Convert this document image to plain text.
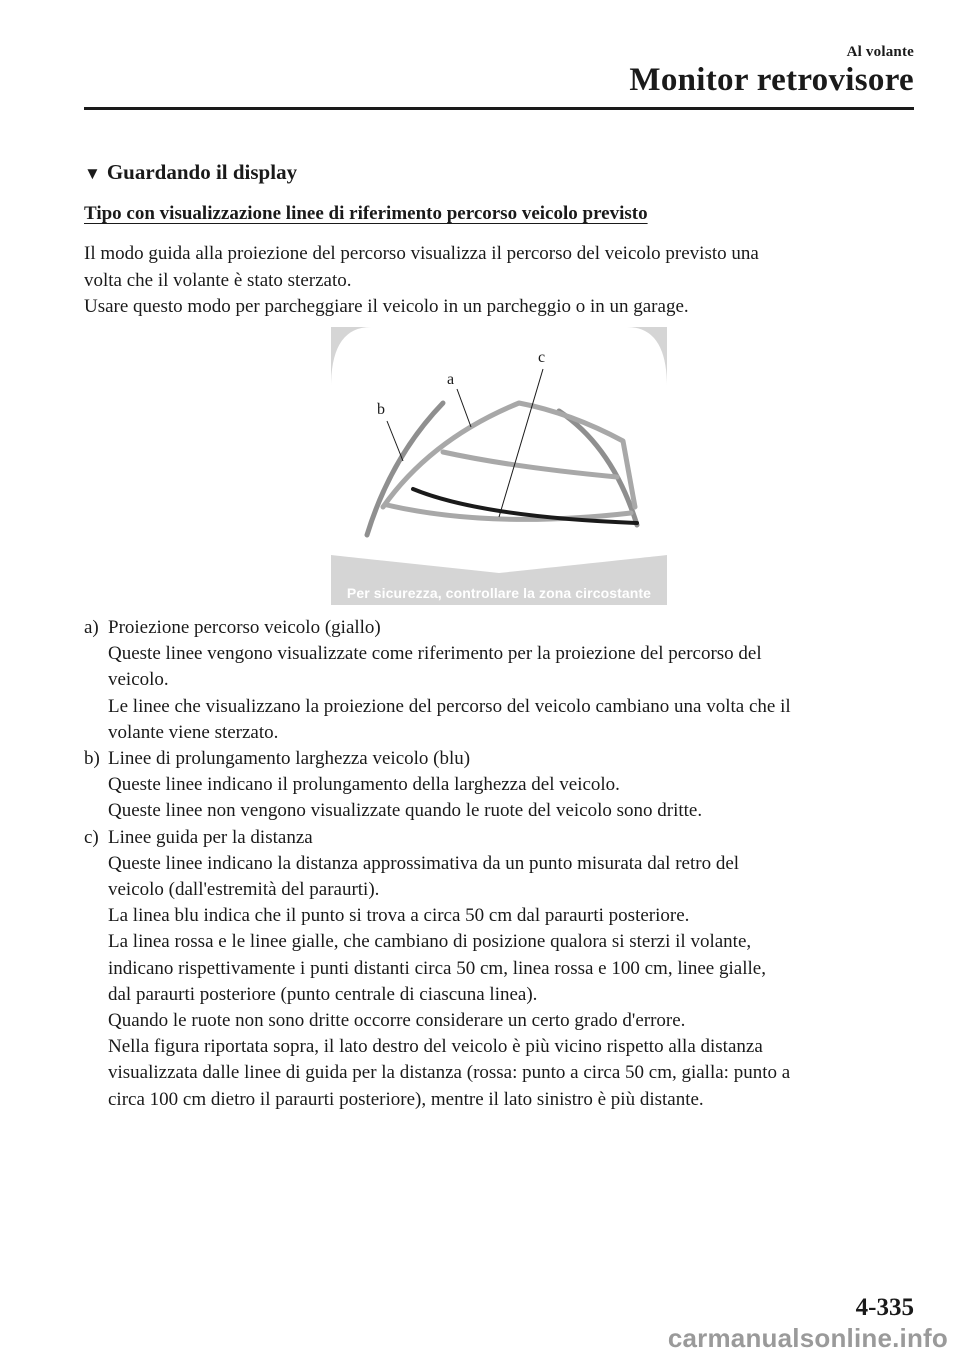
Al volante
Monitor retrovisore
▼ Guardando il display
Tipo con visualizzazione linee di riferimento percorso veicolo previsto
Il modo guida alla proiezione del percorso visualizza il percorso del veicolo previsto una
volta che il volante è stato sterzato.
Usare questo modo per parcheggiare il veicolo in un parcheggio o in un garage.
a
b
c
Per sicurezza, controllare la zona circostante
a) Proiezione percorso veicolo (giallo)
Queste linee vengono visualizzate come riferimento per la proiezione del percorso del
veicolo.
Le linee che visualizzano la proiezione del percorso del veicolo cambiano una volta che il
volante viene sterzato.
b) Linee di prolungamento larghezza veicolo (blu)
Queste linee indicano il prolungamento della larghezza del veicolo.
Queste linee non vengono visualizzate quando le ruote del veicolo sono dritte.
c) Linee guida per la distanza
Queste linee indicano la distanza approssimativa da un punto misurata dal retro del
veicolo (dall'estremità del paraurti).
La linea blu indica che il punto si trova a circa 50 cm dal paraurti posteriore.
La linea rossa e le linee gialle, che cambiano di posizione qualora si sterzi il volante,
indicano rispettivamente i punti distanti circa 50 cm, linea rossa e 100 cm, linee gialle,
dal paraurti posteriore (punto centrale di ciascuna linea).
Quando le ruote non sono dritte occorre considerare un certo grado d'errore.
Nella figura riportata sopra, il lato destro del veicolo è più vicino rispetto alla distanza
visualizzata dalle linee di guida per la distanza (rossa: punto a circa 50 cm, gialla: punto a
circa 100 cm dietro il paraurti posteriore), mentre il lato sinistro è più distante.
4-335
carmanualsonline.info
